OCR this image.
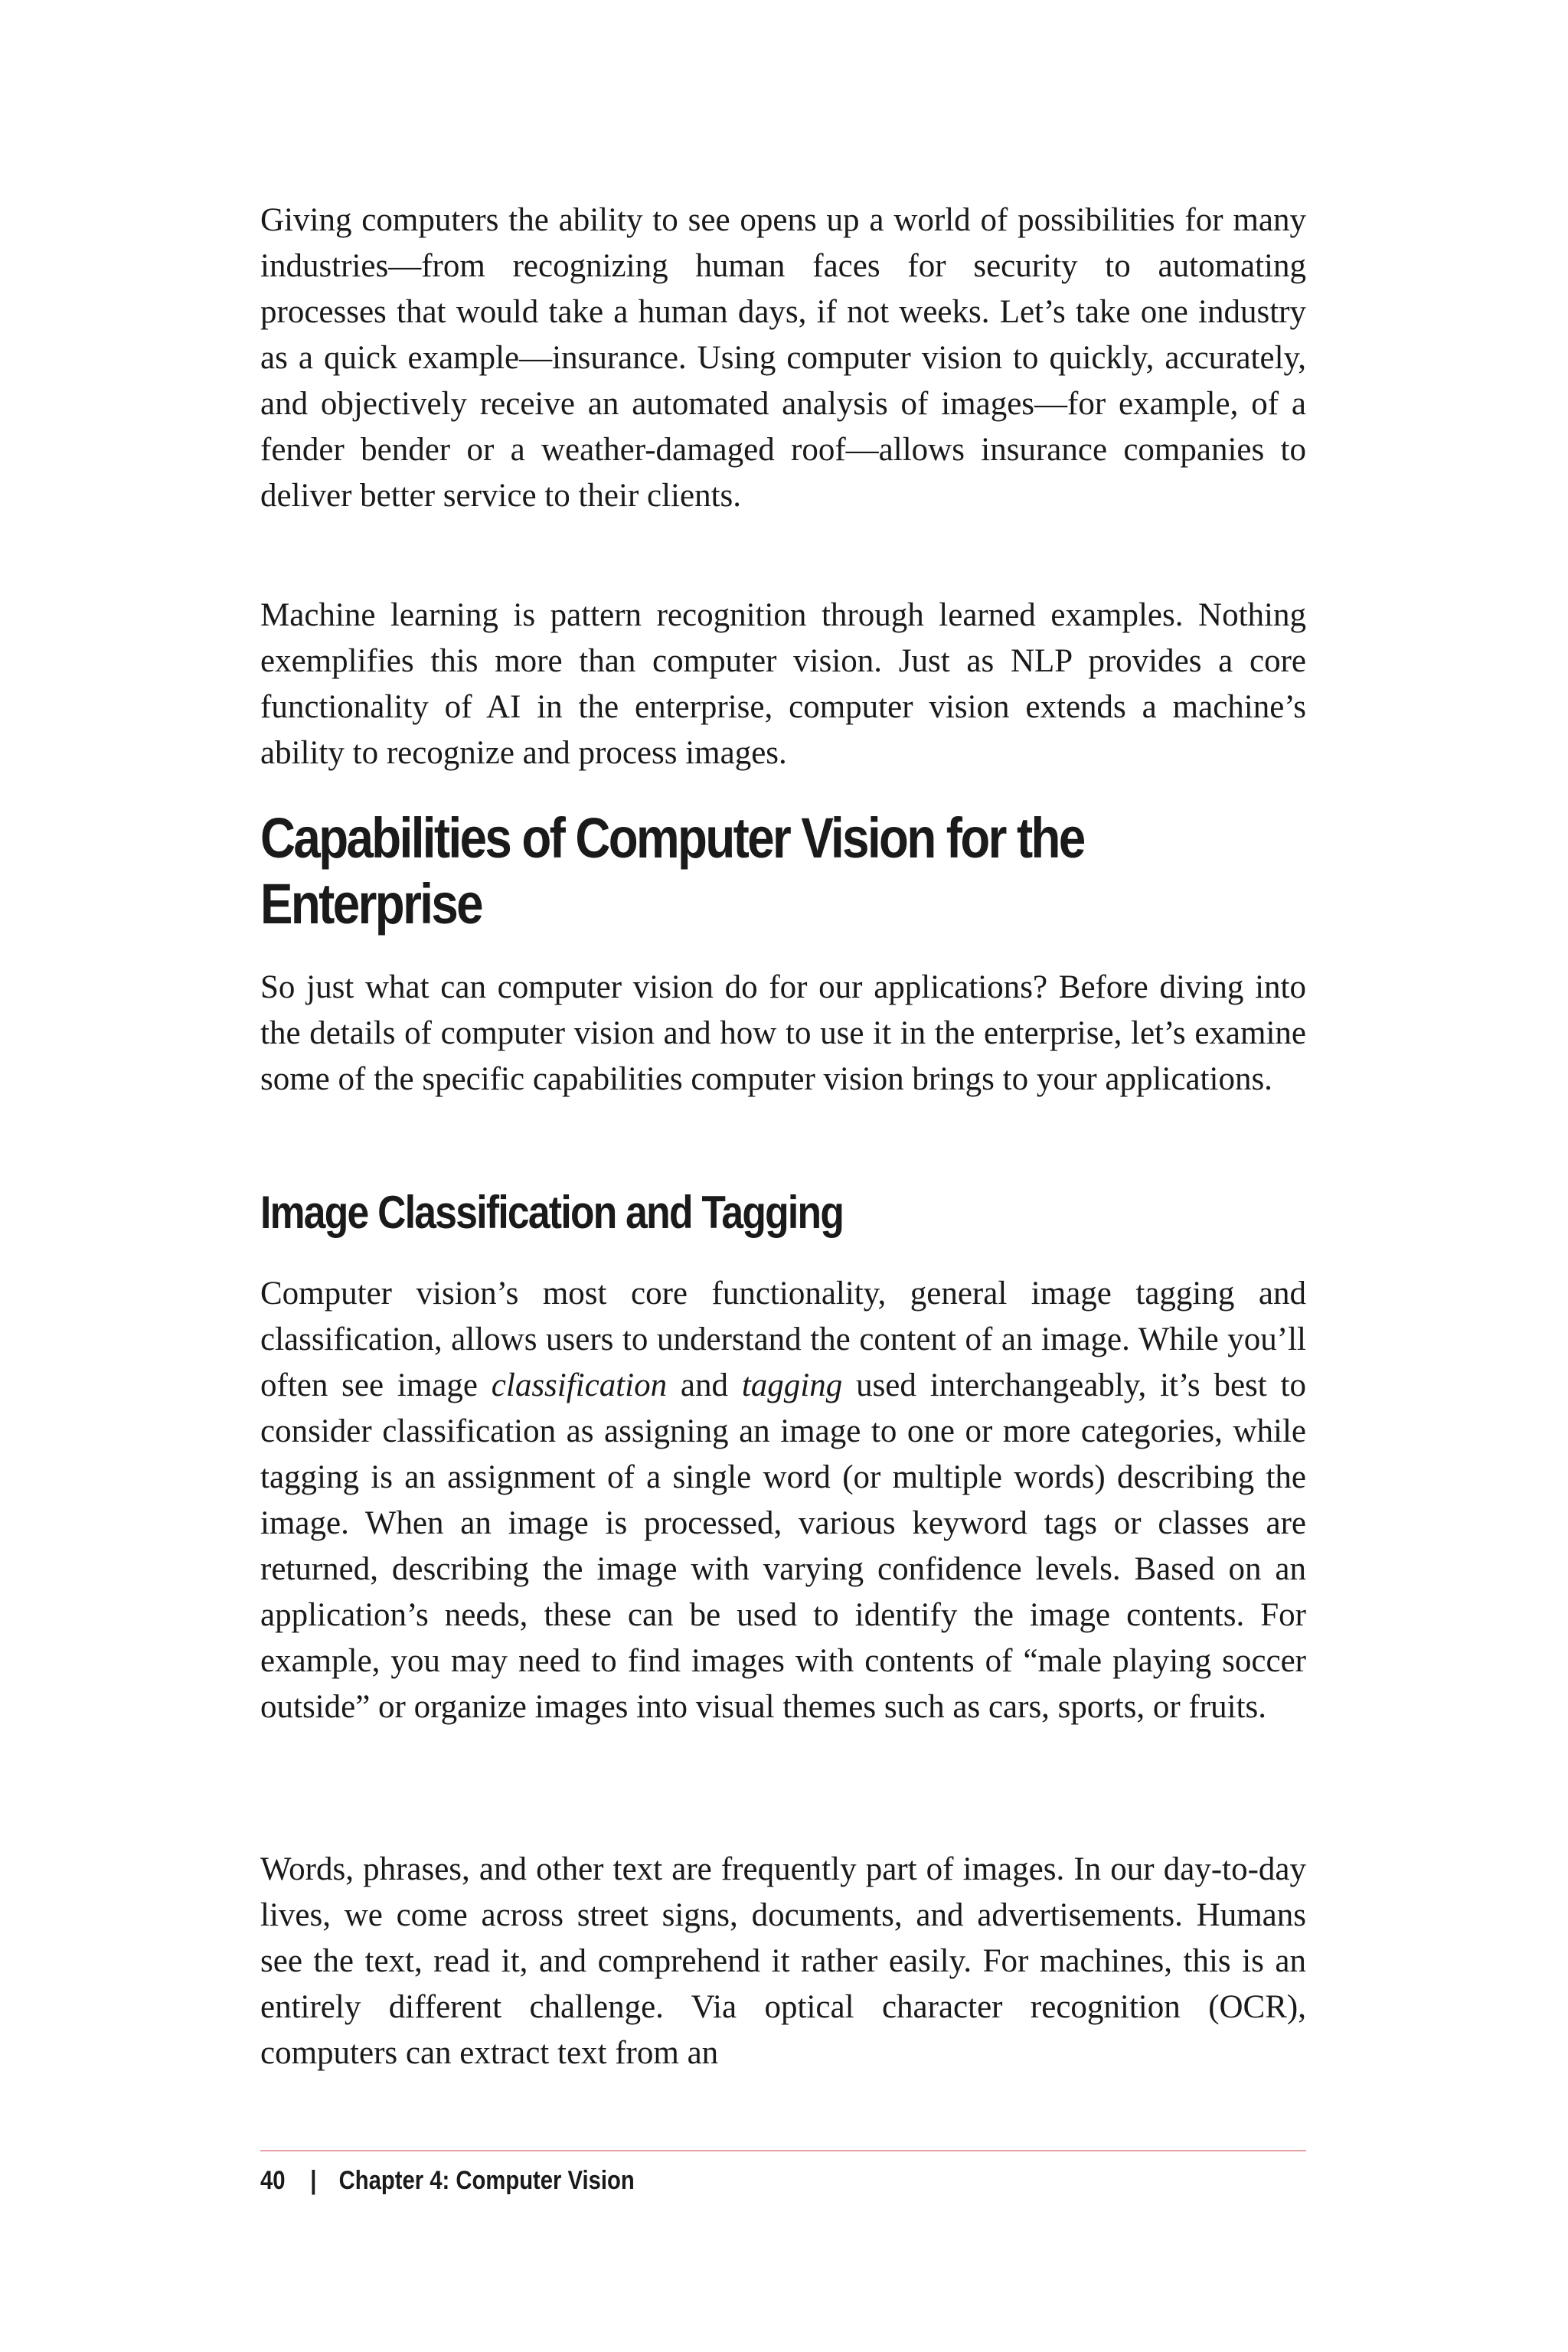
Giving computers the ability to see opens up a world of possibilities for many industries—from recognizing human faces for security to automating processes that would take a human days, if not weeks. Let’s take one industry as a quick example—insurance. Using computer vision to quickly, accurately, and objectively receive an automated analysis of images—for example, of a fender bender or a weather-damaged roof—allows insurance companies to deliver better service to their clients.

Machine learning is pattern recognition through learned examples. Nothing exemplifies this more than computer vision. Just as NLP provides a core functionality of AI in the enterprise, computer vision extends a machine’s ability to recognize and process images.

Capabilities of Computer Vision for the Enterprise

So just what can computer vision do for our applications? Before diving into the details of computer vision and how to use it in the enterprise, let’s examine some of the specific capabilities computer vision brings to your applications.

Image Classification and Tagging

Computer vision’s most core functionality, general image tagging and classification, allows users to understand the content of an image. While you’ll often see image classification and tagging used interchangeably, it’s best to consider classification as assigning an image to one or more categories, while tagging is an assignment of a single word (or multiple words) describing the image. When an image is processed, various keyword tags or classes are returned, describing the image with varying confidence levels. Based on an application’s needs, these can be used to identify the image contents. For example, you may need to find images with contents of “male playing soccer outside” or organize images into visual themes such as cars, sports, or fruits.

Words, phrases, and other text are frequently part of images. In our day-to-day lives, we come across street signs, documents, and advertisements. Humans see the text, read it, and comprehend it rather easily. For machines, this is an entirely different challenge. Via optical character recognition (OCR), computers can extract text from an

40 | Chapter 4: Computer Vision
